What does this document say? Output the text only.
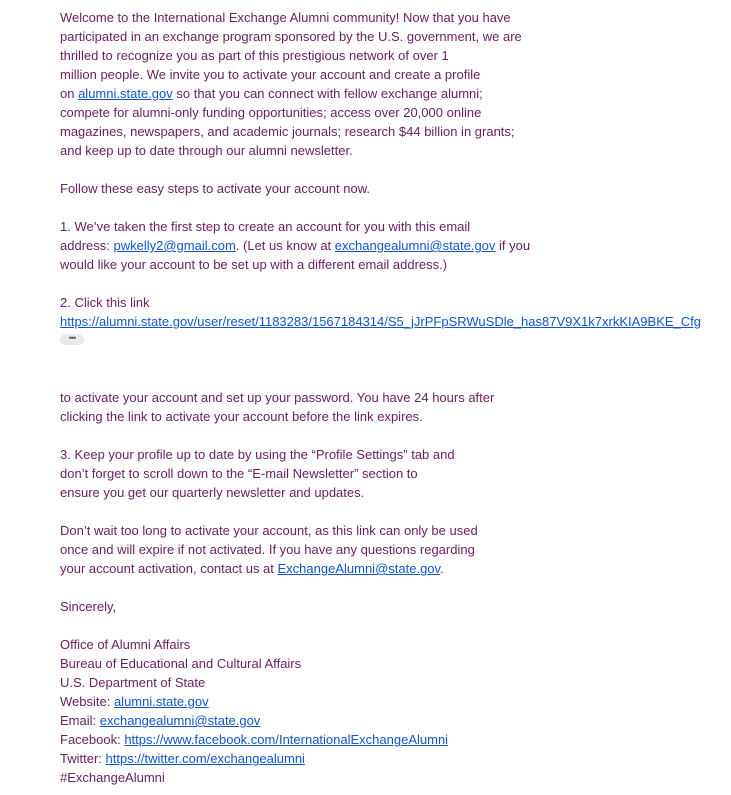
Welcome to the International Exchange Alumni community! Now that you have
participated in an exchange program sponsored by the U.S. government, we are
thrilled to recognize you as part of this prestigious network of over 1
million people. We invite you to activate your account and create a profile
on alumni.state.gov so that you can connect with fellow exchange alumni;
compete for alumni-only funding opportunities; access over 20,000 online
magazines, newspapers, and academic journals; research $44 billion in grants;
and keep up to date through our alumni newsletter.
Follow these easy steps to activate your account now.
1. We’ve taken the first step to create an account for you with this email
address: pwkelly2@gmail.com. (Let us know at exchangealumni@state.gov if you
would like your account to be set up with a different email address.)
2. Click this link
https://alumni.state.gov/user/reset/1183283/1567184314/S5_jJrPFpSRWuSDle_has87V9X1k7xrkKIA9BKE_Cfg
•••
to activate your account and set up your password. You have 24 hours after
clicking the link to activate your account before the link expires.
3. Keep your profile up to date by using the “Profile Settings” tab and
don’t forget to scroll down to the “E-mail Newsletter” section to
ensure you get our quarterly newsletter and updates.
Don’t wait too long to activate your account, as this link can only be used
once and will expire if not activated. If you have any questions regarding
your account activation, contact us at ExchangeAlumni@state.gov.
Sincerely,
Office of Alumni Affairs
Bureau of Educational and Cultural Affairs
U.S. Department of State
Website: alumni.state.gov
Email: exchangealumni@state.gov
Facebook: https://www.facebook.com/InternationalExchangeAlumni
Twitter: https://twitter.com/exchangealumni
#ExchangeAlumni
